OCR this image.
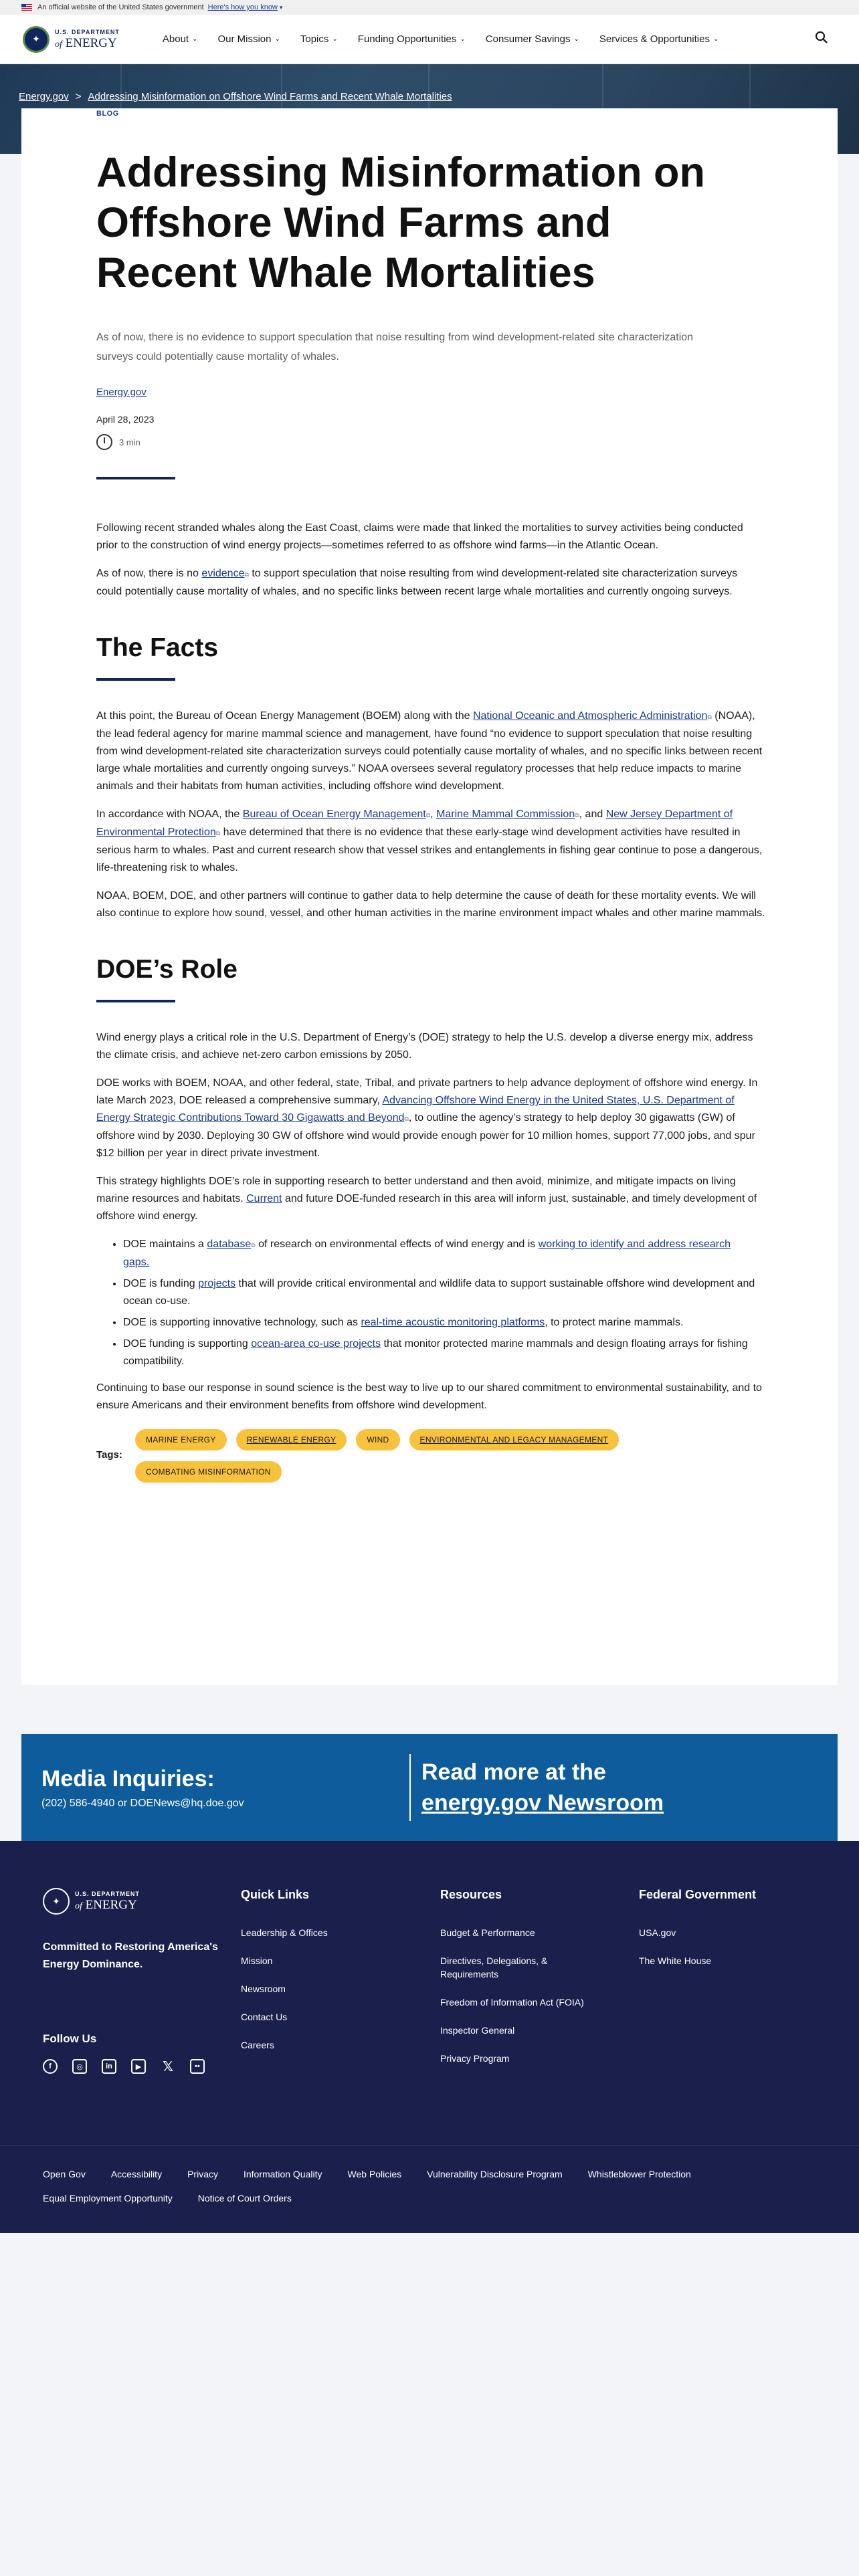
An official website of the United States government Here's how you know ▾
✦
U.S. DEPARTMENT
of ENERGY	About ⌄ Our Mission ⌄ Topics ⌄ Funding Opportunities ⌄ Consumer Savings ⌄ Services & Opportunities ⌄
Energy.gov > Addressing Misinformation on Offshore Wind Farms and Recent Whale Mortalities
BLOG
Addressing Misinformation on Offshore Wind Farms and Recent Whale Mortalities

As of now, there is no evidence to support speculation that noise resulting from wind development-related site characterization surveys could potentially cause mortality of whales.

Energy.gov
April 28, 2023
3 min

Following recent stranded whales along the East Coast, claims were made that linked the mortalities to survey activities being conducted prior to the construction of wind energy projects—sometimes referred to as offshore wind farms—in the Atlantic Ocean.

As of now, there is no evidence⧉ to support speculation that noise resulting from wind development-related site characterization surveys could potentially cause mortality of whales, and no specific links between recent large whale mortalities and currently ongoing surveys.

The Facts

At this point, the Bureau of Ocean Energy Management (BOEM) along with the National Oceanic and Atmospheric Administration⧉ (NOAA), the lead federal agency for marine mammal science and management, have found “no evidence to support speculation that noise resulting from wind development-related site characterization surveys could potentially cause mortality of whales, and no specific links between recent large whale mortalities and currently ongoing surveys.” NOAA oversees several regulatory processes that help reduce impacts to marine animals and their habitats from human activities, including offshore wind development.

In accordance with NOAA, the Bureau of Ocean Energy Management⧉, Marine Mammal Commission⧉, and New Jersey Department of Environmental Protection⧉ have determined that there is no evidence that these early-stage wind development activities have resulted in serious harm to whales. Past and current research show that vessel strikes and entanglements in fishing gear continue to pose a dangerous, life-threatening risk to whales.

NOAA, BOEM, DOE, and other partners will continue to gather data to help determine the cause of death for these mortality events. We will also continue to explore how sound, vessel, and other human activities in the marine environment impact whales and other marine mammals.

DOE’s Role

Wind energy plays a critical role in the U.S. Department of Energy’s (DOE) strategy to help the U.S. develop a diverse energy mix, address the climate crisis, and achieve net-zero carbon emissions by 2050.

DOE works with BOEM, NOAA, and other federal, state, Tribal, and private partners to help advance deployment of offshore wind energy. In late March 2023, DOE released a comprehensive summary, Advancing Offshore Wind Energy in the United States, U.S. Department of Energy Strategic Contributions Toward 30 Gigawatts and Beyond⧉, to outline the agency’s strategy to help deploy 30 gigawatts (GW) of offshore wind by 2030. Deploying 30 GW of offshore wind would provide enough power for 10 million homes, support 77,000 jobs, and spur $12 billion per year in direct private investment.

This strategy highlights DOE’s role in supporting research to better understand and then avoid, minimize, and mitigate impacts on living marine resources and habitats. Current and future DOE-funded research in this area will inform just, sustainable, and timely development of offshore wind energy.

• DOE maintains a database⧉ of research on environmental effects of wind energy and is working to identify and address research gaps.
• DOE is funding projects that will provide critical environmental and wildlife data to support sustainable offshore wind development and ocean co-use.
• DOE is supporting innovative technology, such as real-time acoustic monitoring platforms, to protect marine mammals.
• DOE funding is supporting ocean-area co-use projects that monitor protected marine mammals and design floating arrays for fishing compatibility.

Continuing to base our response in sound science is the best way to live up to our shared commitment to environmental sustainability, and to ensure Americans and their environment benefits from offshore wind development.

Tags:
MARINE ENERGY	RENEWABLE ENERGY	WIND	ENVIRONMENTAL AND LEGACY MANAGEMENT
COMBATING MISINFORMATION
Media Inquiries:
(202) 586-4940 or DOENews@hq.doe.gov
Read more at the
energy.gov Newsroom
✦
U.S. DEPARTMENT
of ENERGY
Committed to Restoring America's Energy Dominance.
Follow Us
f	◎	in	▶	𝕏	••
Quick Links
Leadership & Offices
Mission
Newsroom
Contact Us
Careers
Resources
Budget & Performance
Directives, Delegations, & Requirements
Freedom of Information Act (FOIA)
Inspector General
Privacy Program
Federal Government
USA.gov
The White House
Open Gov	Accessibility	Privacy	Information Quality	Web Policies	Vulnerability Disclosure Program	Whistleblower Protection
Equal Employment Opportunity	Notice of Court Orders
